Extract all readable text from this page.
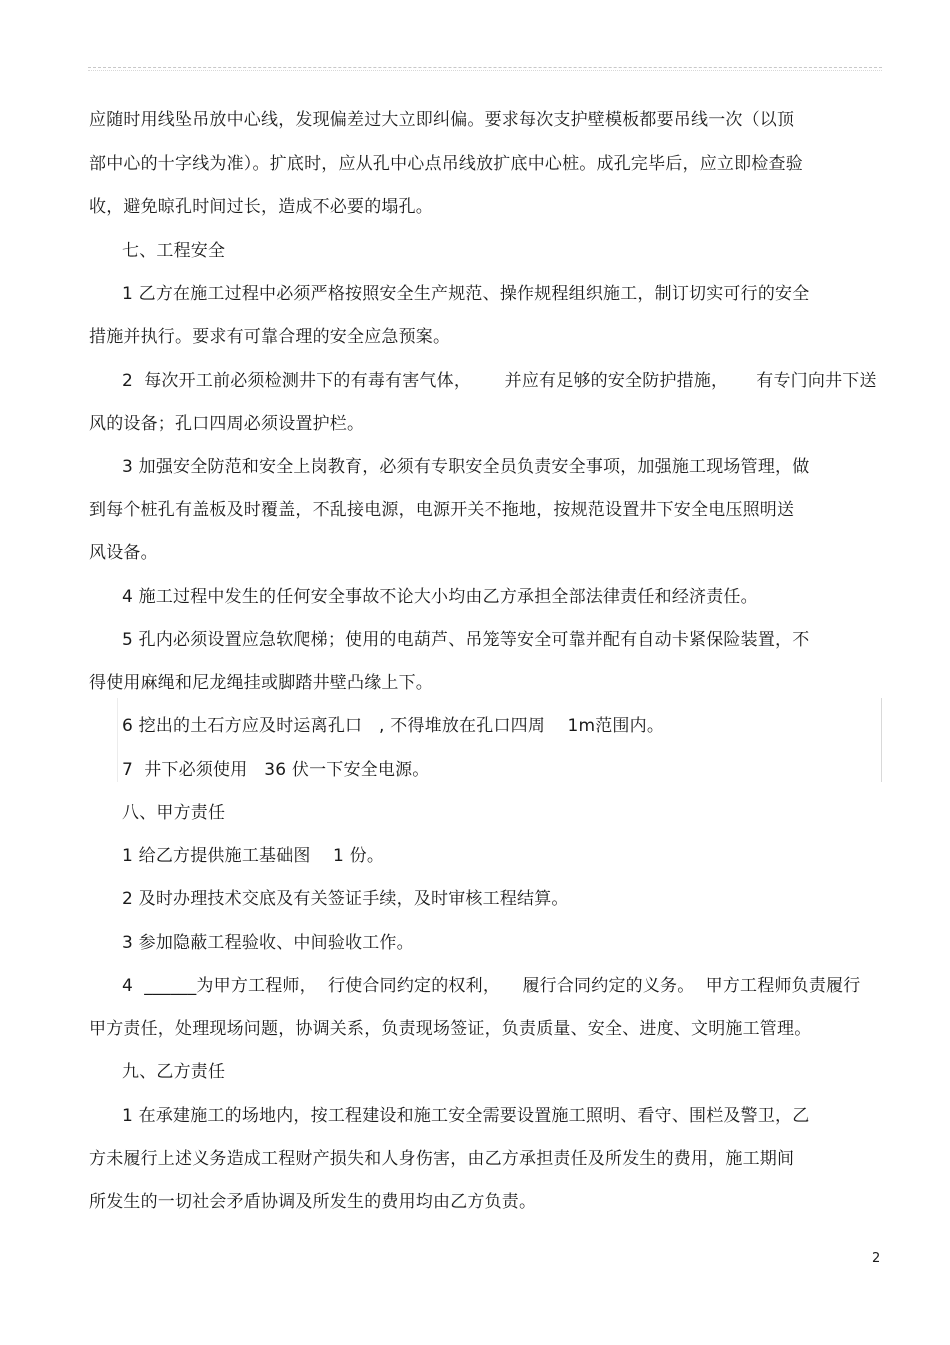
应随时用线坠吊放中心线，发现偏差过大立即纠偏。要求每次支护壁模板都要吊线一次（以顶
部中心的十字线为准）。扩底时，应从孔中心点吊线放扩底中心桩。成孔完毕后，应立即检查验
收，避免晾孔时间过长，造成不必要的塌孔。
七、工程安全
1 乙方在施工过程中必须严格按照安全生产规范、操作规程组织施工，制订切实可行的安全
措施并执行。要求有可靠合理的安全应急预案。
2  每次开工前必须检测井下的有毒有害气体，      并应有足够的安全防护措施，     有专门向井下送
风的设备；孔口四周必须设置护栏。
3 加强安全防范和安全上岗教育，必须有专职安全员负责安全事项，加强施工现场管理，做
到每个桩孔有盖板及时覆盖，不乱接电源，电源开关不拖地，按规范设置井下安全电压照明送
风设备。
4 施工过程中发生的任何安全事故不论大小均由乙方承担全部法律责任和经济责任。
5 孔内必须设置应急软爬梯；使用的电葫芦、吊笼等安全可靠并配有自动卡紧保险装置，不
得使用麻绳和尼龙绳挂或脚踏井壁凸缘上下。
6 挖出的土石方应及时运离孔口   , 不得堆放在孔口四周    1m范围内。
7  井下必须使用   36 伏一下安全电源。
八、甲方责任
1 给乙方提供施工基础图    1 份。
2 及时办理技术交底及有关签证手续，及时审核工程结算。
3 参加隐蔽工程验收、中间验收工作。
4  ______为甲方工程师，  行使合同约定的权利，    履行合同约定的义务。  甲方工程师负责履行
甲方责任，处理现场问题，协调关系，负责现场签证，负责质量、安全、进度、文明施工管理。
九、乙方责任
1 在承建施工的场地内，按工程建设和施工安全需要设置施工照明、看守、围栏及警卫，乙
方未履行上述义务造成工程财产损失和人身伤害，由乙方承担责任及所发生的费用，施工期间
所发生的一切社会矛盾协调及所发生的费用均由乙方负责。
2
